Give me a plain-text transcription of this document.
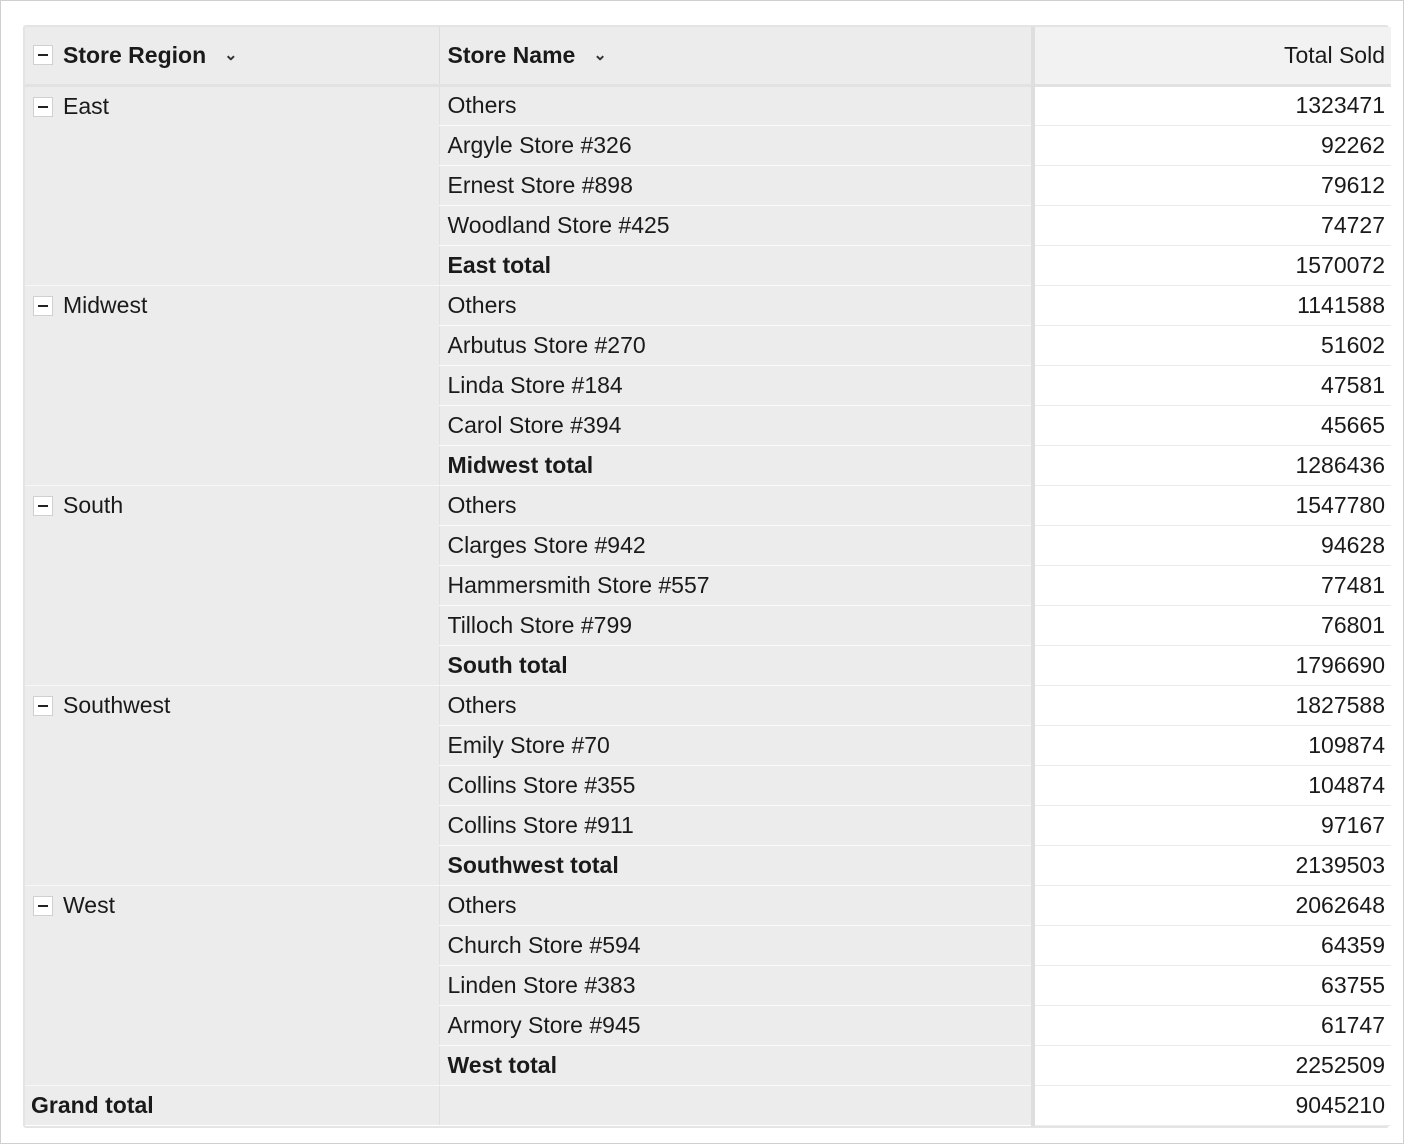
Store Region ⌄	Store Name ⌄	Total Sold

East	Others	1323471
	Argyle Store #326	92262
	Ernest Store #898	79612
	Woodland Store #425	74727
	East total	1570072

Midwest	Others	1141588
	Arbutus Store #270	51602
	Linda Store #184	47581
	Carol Store #394	45665
	Midwest total	1286436

South	Others	1547780
	Clarges Store #942	94628
	Hammersmith Store #557	77481
	Tilloch Store #799	76801
	South total	1796690

Southwest	Others	1827588
	Emily Store #70	109874
	Collins Store #355	104874
	Collins Store #911	97167
	Southwest total	2139503

West	Others	2062648
	Church Store #594	64359
	Linden Store #383	63755
	Armory Store #945	61747
	West total	2252509
Grand total		9045210
